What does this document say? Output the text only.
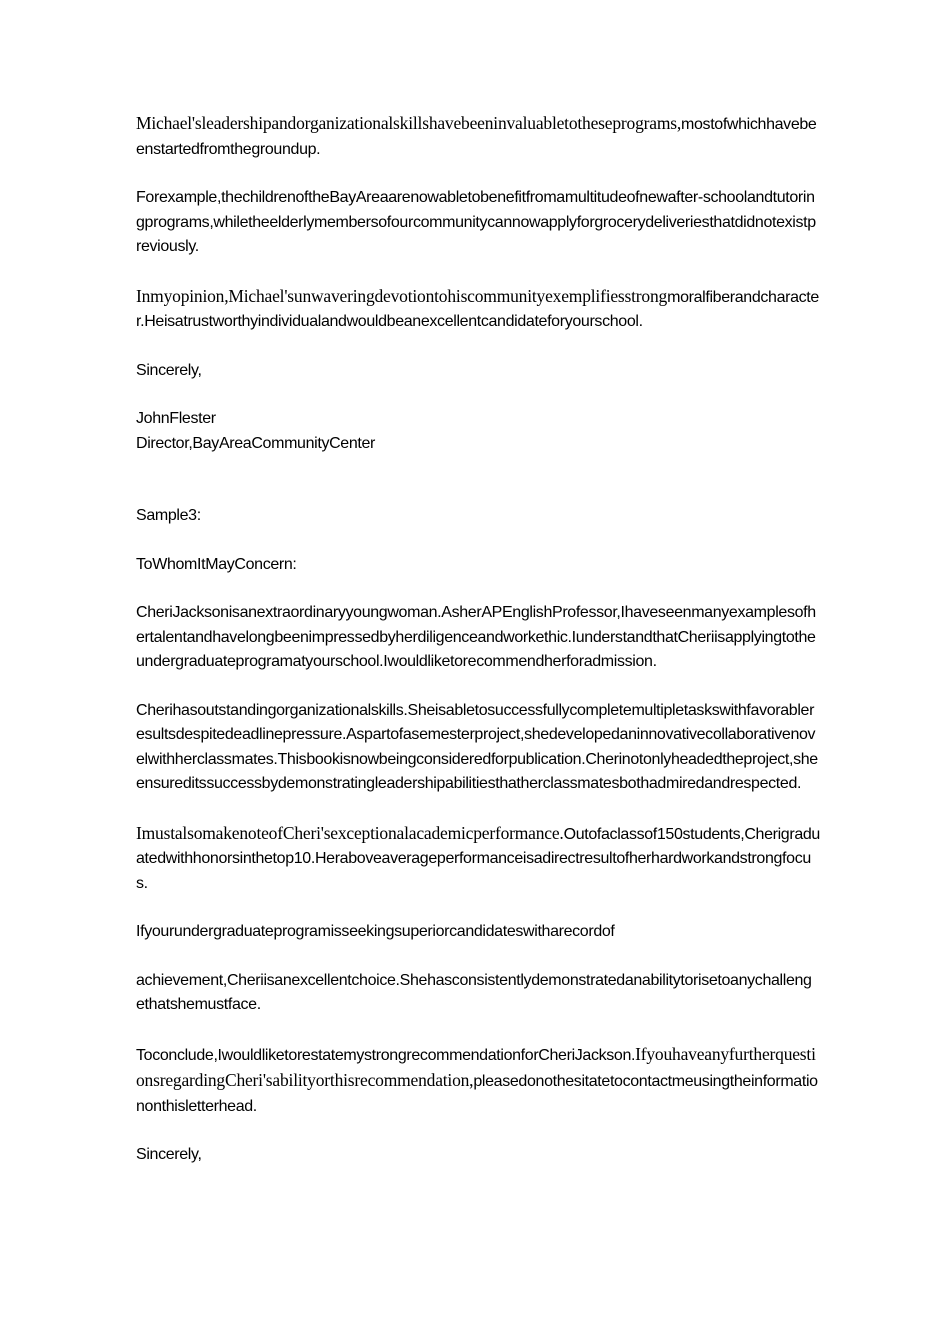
Michael'sleadershipandorganizationalskillshavebeeninvaluabletotheseprograms,mostofwhichhavebeenstartedfromthegroundup.

Forexample,thechildrenoftheBayAreaarenowabletobenefitfromamultitudeofnewafter-schoolandtutoringprograms,whiletheelderlymembersofourcommunitycannowapplyforgrocerydeliveriesthatdidnotexistpreviously.

Inmyopinion,Michael'sunwaveringdevotiontohiscommunityexemplifiesstrongmoralfiberandcharacter.Heisatrustworthyindividualandwouldbeanexcellentcandidateforyourschool.

Sincerely,

JohnFlester
Director,BayAreaCommunityCenter

Sample3:

ToWhomItMayConcern:

CheriJacksonisanextraordinaryyoungwoman.AsherAPEnglishProfessor,Ihaveseenmanyexamplesofhertalentandhavelongbeenimpressedbyherdiligenceandworkethic.IunderstandthatCheriisapplyingtotheundergraduateprogramatyourschool.Iwouldliketorecommendherforadmission.

Cherihasoutstandingorganizationalskills.Sheisabletosuccessfullycompletemultipletaskswithfavorableresultsdespitedeadlinepressure.Aspartofasemesterproject,shedevelopedaninnovativecollaborativenovelwithherclassmates.Thisbookisnowbeingconsideredforpublication.Cherinotonlyheadedtheproject,sheensureditssuccessbydemonstratingleadershipabilitiesthatherclassmatesbothadmiredandrespected.

ImustalsomakenoteofCheri'sexceptionalacademicperformance.Outofaclassof150students,Cherigraduatedwithhonorsinthetop10.Heraboveaverageperformanceisadirectresultofherhardworkandstrongfocus.

Ifyourundergraduateprogramisseekingsuperiorcandidateswitharecordof

achievement,Cheriisanexcellentchoice.Shehasconsistentlydemonstratedanabilitytorisetoanychallengethatshemustface.

Toconclude,IwouldliketorestatemystrongrecommendationforCheriJackson.IfyouhaveanyfurtherquestionsregardingCheri'sabilityorthisrecommendation,pleasedonothesitatetocontactmeusingtheinformationonthisletterhead.

Sincerely,
